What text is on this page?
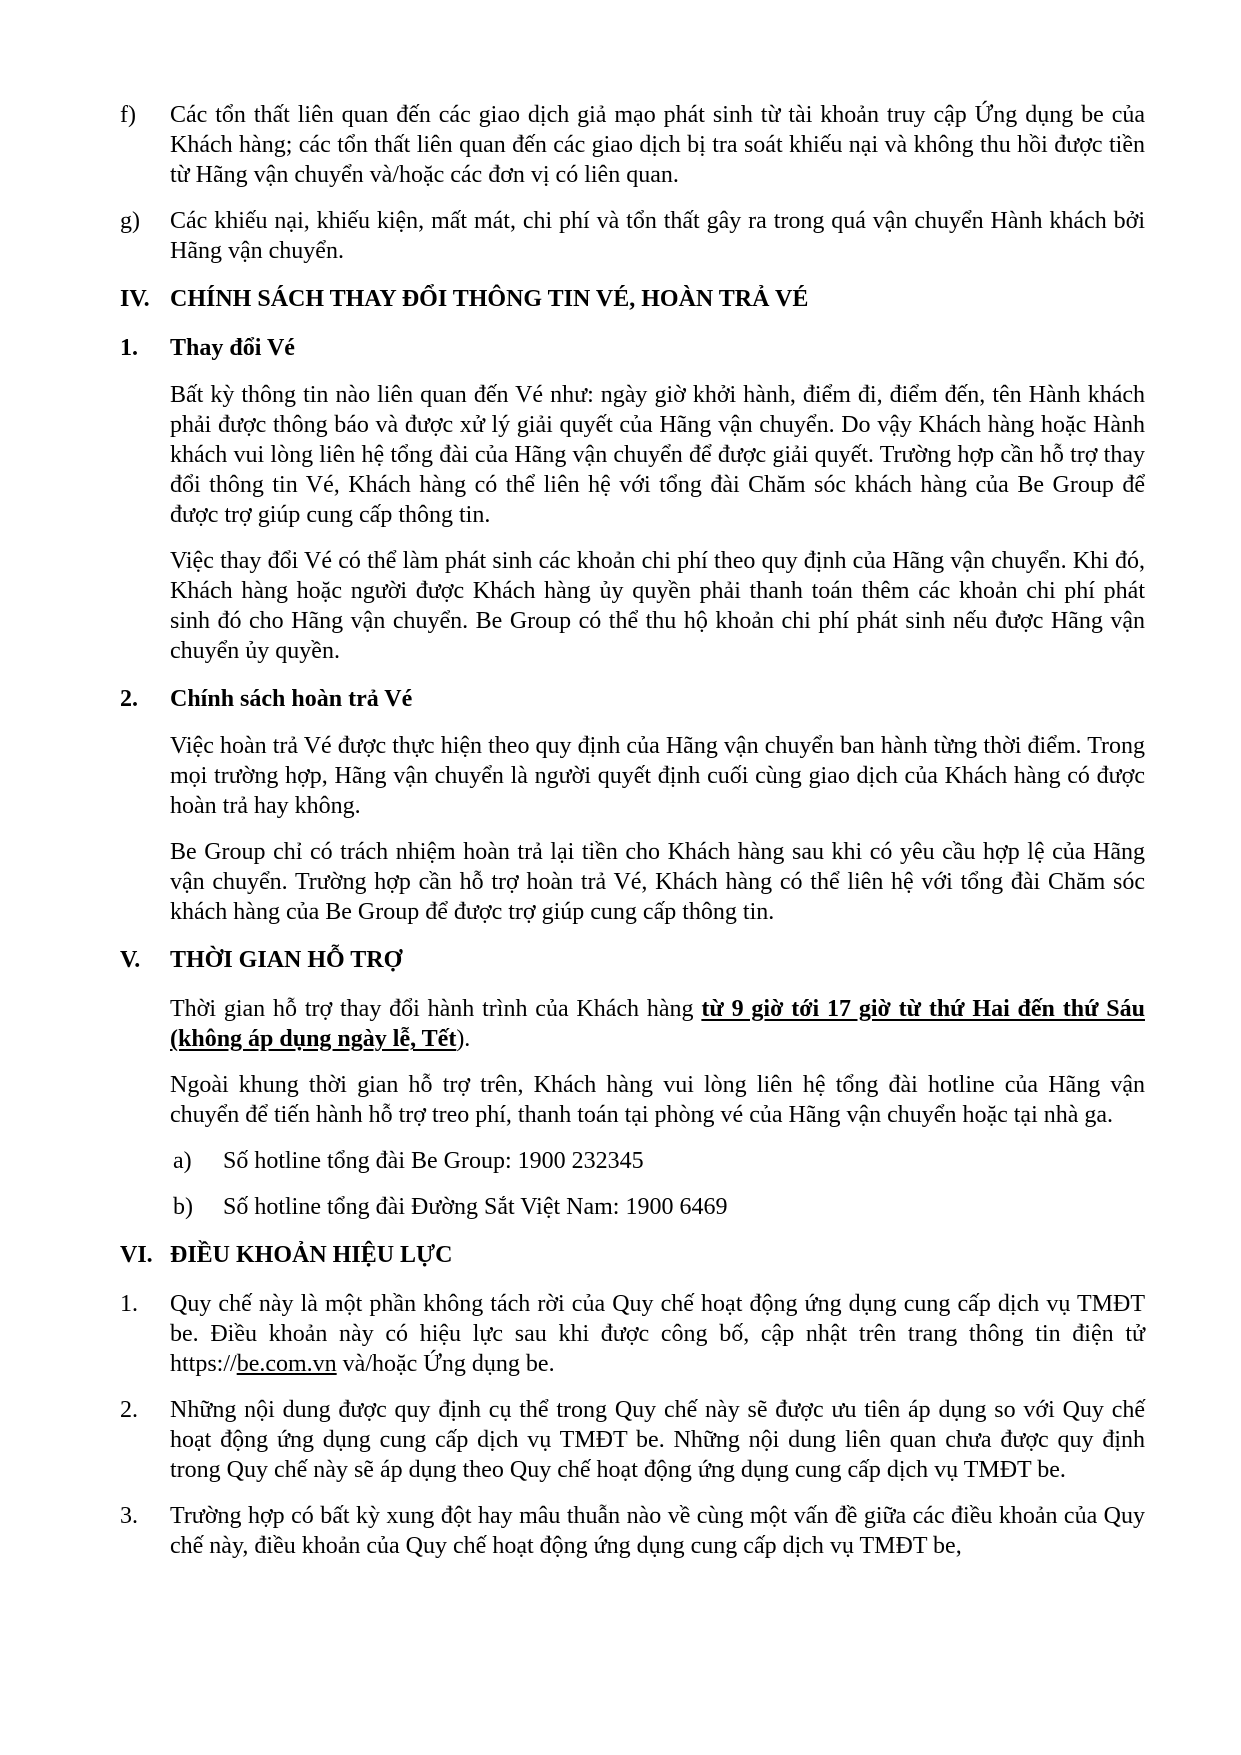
f) Các tổn thất liên quan đến các giao dịch giả mạo phát sinh từ tài khoản truy cập Ứng dụng be của Khách hàng; các tổn thất liên quan đến các giao dịch bị tra soát khiếu nại và không thu hồi được tiền từ Hãng vận chuyển và/hoặc các đơn vị có liên quan.
g) Các khiếu nại, khiếu kiện, mất mát, chi phí và tổn thất gây ra trong quá vận chuyển Hành khách bởi Hãng vận chuyển.
IV. CHÍNH SÁCH THAY ĐỔI THÔNG TIN VÉ, HOÀN TRẢ VÉ
1. Thay đổi Vé

Bất kỳ thông tin nào liên quan đến Vé như: ngày giờ khởi hành, điểm đi, điểm đến, tên Hành khách phải được thông báo và được xử lý giải quyết của Hãng vận chuyển. Do vậy Khách hàng hoặc Hành khách vui lòng liên hệ tổng đài của Hãng vận chuyển để được giải quyết. Trường hợp cần hỗ trợ thay đổi thông tin Vé, Khách hàng có thể liên hệ với tổng đài Chăm sóc khách hàng của Be Group để được trợ giúp cung cấp thông tin.

Việc thay đổi Vé có thể làm phát sinh các khoản chi phí theo quy định của Hãng vận chuyển. Khi đó, Khách hàng hoặc người được Khách hàng ủy quyền phải thanh toán thêm các khoản chi phí phát sinh đó cho Hãng vận chuyển. Be Group có thể thu hộ khoản chi phí phát sinh nếu được Hãng vận chuyển ủy quyền.

2. Chính sách hoàn trả Vé

Việc hoàn trả Vé được thực hiện theo quy định của Hãng vận chuyển ban hành từng thời điểm. Trong mọi trường hợp, Hãng vận chuyển là người quyết định cuối cùng giao dịch của Khách hàng có được hoàn trả hay không.

Be Group chỉ có trách nhiệm hoàn trả lại tiền cho Khách hàng sau khi có yêu cầu hợp lệ của Hãng vận chuyển. Trường hợp cần hỗ trợ hoàn trả Vé, Khách hàng có thể liên hệ với tổng đài Chăm sóc khách hàng của Be Group để được trợ giúp cung cấp thông tin.

V. THỜI GIAN HỖ TRỢ

Thời gian hỗ trợ thay đổi hành trình của Khách hàng từ 9 giờ tới 17 giờ từ thứ Hai đến thứ Sáu (không áp dụng ngày lễ, Tết).

Ngoài khung thời gian hỗ trợ trên, Khách hàng vui lòng liên hệ tổng đài hotline của Hãng vận chuyển để tiến hành hỗ trợ treo phí, thanh toán tại phòng vé của Hãng vận chuyển hoặc tại nhà ga.

a) Số hotline tổng đài Be Group: 1900 232345
b) Số hotline tổng đài Đường Sắt Việt Nam: 1900 6469
VI. ĐIỀU KHOẢN HIỆU LỰC
1. Quy chế này là một phần không tách rời của Quy chế hoạt động ứng dụng cung cấp dịch vụ TMĐT be. Điều khoản này có hiệu lực sau khi được công bố, cập nhật trên trang thông tin điện tử https://be.com.vn và/hoặc Ứng dụng be.
2. Những nội dung được quy định cụ thể trong Quy chế này sẽ được ưu tiên áp dụng so với Quy chế hoạt động ứng dụng cung cấp dịch vụ TMĐT be. Những nội dung liên quan chưa được quy định trong Quy chế này sẽ áp dụng theo Quy chế hoạt động ứng dụng cung cấp dịch vụ TMĐT be.
3. Trường hợp có bất kỳ xung đột hay mâu thuẫn nào về cùng một vấn đề giữa các điều khoản của Quy chế này, điều khoản của Quy chế hoạt động ứng dụng cung cấp dịch vụ TMĐT be,
